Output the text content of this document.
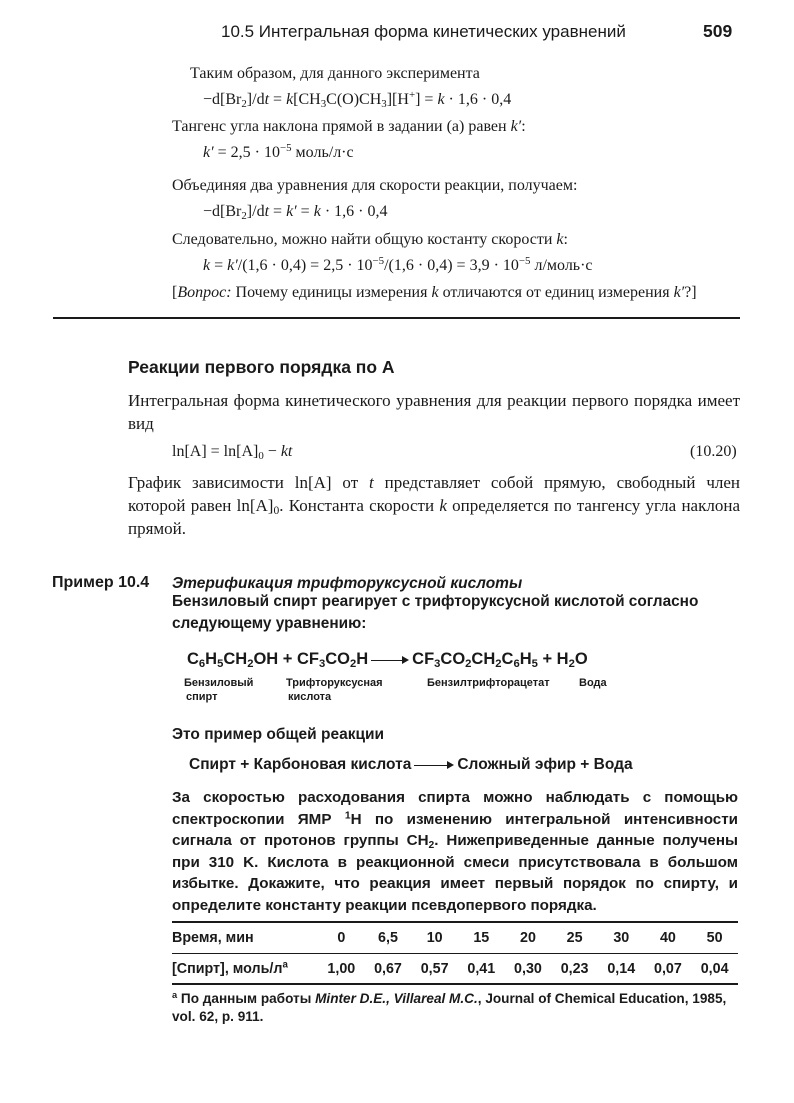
10.5 Интегральная форма кинетических уравнений	509
Таким образом, для данного эксперимента
$-d[Br_2]/dt = k[CH_3C(O)CH_3][H^+] = k \cdot 1,6 \cdot 0,4$
Тангенс угла наклона прямой в задании (а) равен k′:
$k' = 2,5 \cdot 10^{-5}$ моль/л·с
Объединяя два уравнения для скорости реакции, получаем:
$-d[Br_2]/dt = k' = k \cdot 1,6 \cdot 0,4$
Следовательно, можно найти общую костанту скорости k:
$k = k'/(1,6 \cdot 0,4) = 2,5 \cdot 10^{-5}/(1,6 \cdot 0,4) = 3,9 \cdot 10^{-5}$ л/моль·с
[Вопрос: Почему единицы измерения k отличаются от единиц измерения k′?]
Реакции первого порядка по А
Интегральная форма кинетического уравнения для реакции первого порядка имеет вид
$\ln[A] = \ln[A]_0$ − kt	(10.20)
График зависимости ln[A] от t представляет собой прямую, свободный член которой равен $\ln[A]_0$. Константа скорости k определяется по тангенсу угла наклона прямой.
Пример 10.4 Этерификация трифторуксусной кислоты
Бензиловый спирт реагирует с трифторуксусной кислотой согласно следующему уравнению:
$C_6H_5CH_2OH + CF_3CO_2H$	$CF_3CO_2CH_2C_6H_5 + H_2O$
Бензиловый
спирт
Трифторуксусная
кислота
Бензилтрифторацетат	Вода
Это пример общей реакции
Спирт + Карбоновая кислота	Сложный эфир + Вода
За скоростью расходования спирта можно наблюдать с помощью спектроскопии ЯМР $^1$H по изменению интегральной интенсивности сигнала от протонов группы $CH_2$. Нижеприведенные данные получены при 310 K. Кислота в реакционной смеси присутствовала в большом избытке. Докажите, что реакция имеет первый порядок по спирту, и определите константу реакции псевдопервого порядка.
Время, мин	0	6,5	10	15	20	25	30	40	50
[Спирт], моль/$л^a$	1,00	0,67	0,57	0,41	0,30	0,23	0,14	0,07	0,04
$^a$ По данным работы Minter D.E., Villareal M.C., Journal of Chemical Education, 1985, vol. 62, p. 911.
